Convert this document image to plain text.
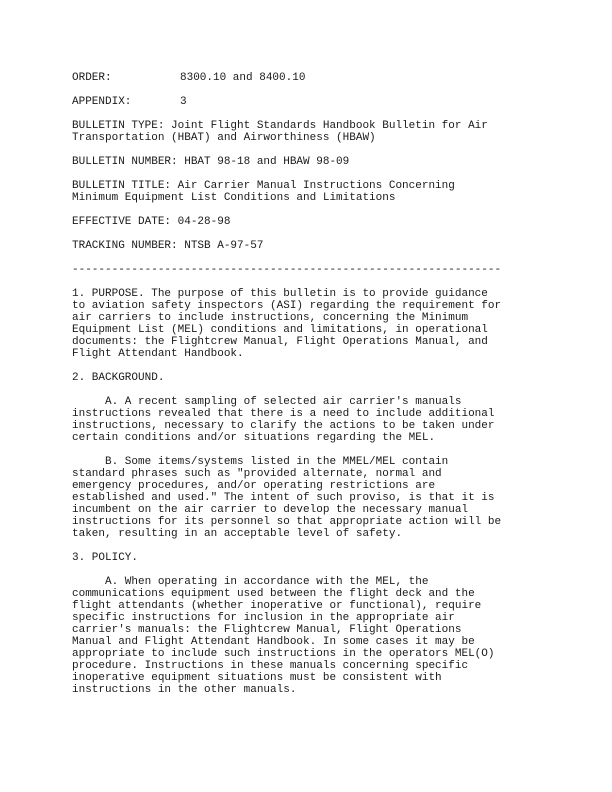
ORDER:	8300.10 and 8400.10
APPENDIX:	3
BULLETIN TYPE: Joint Flight Standards Handbook Bulletin for Air
Transportation (HBAT) and Airworthiness (HBAW)
BULLETIN NUMBER: HBAT 98-18 and HBAW 98-09
BULLETIN TITLE: Air Carrier Manual Instructions Concerning
Minimum Equipment List Conditions and Limitations
EFFECTIVE DATE: 04-28-98
TRACKING NUMBER: NTSB A-97-57
-----------------------------------------------------------------
1. PURPOSE. The purpose of this bulletin is to provide guidance
to aviation safety inspectors (ASI) regarding the requirement for
air carriers to include instructions, concerning the Minimum
Equipment List (MEL) conditions and limitations, in operational
documents: the Flightcrew Manual, Flight Operations Manual, and
Flight Attendant Handbook.
2. BACKGROUND.
A. A recent sampling of selected air carrier's manuals
instructions revealed that there is a need to include additional
instructions, necessary to clarify the actions to be taken under
certain conditions and/or situations regarding the MEL.
B. Some items/systems listed in the MMEL/MEL contain
standard phrases such as "provided alternate, normal and
emergency procedures, and/or operating restrictions are
established and used." The intent of such proviso, is that it is
incumbent on the air carrier to develop the necessary manual
instructions for its personnel so that appropriate action will be
taken, resulting in an acceptable level of safety.
3. POLICY.
A. When operating in accordance with the MEL, the
communications equipment used between the flight deck and the
flight attendants (whether inoperative or functional), require
specific instructions for inclusion in the appropriate air
carrier's manuals: the Flightcrew Manual, Flight Operations
Manual and Flight Attendant Handbook. In some cases it may be
appropriate to include such instructions in the operators MEL(O)
procedure. Instructions in these manuals concerning specific
inoperative equipment situations must be consistent with
instructions in the other manuals.
